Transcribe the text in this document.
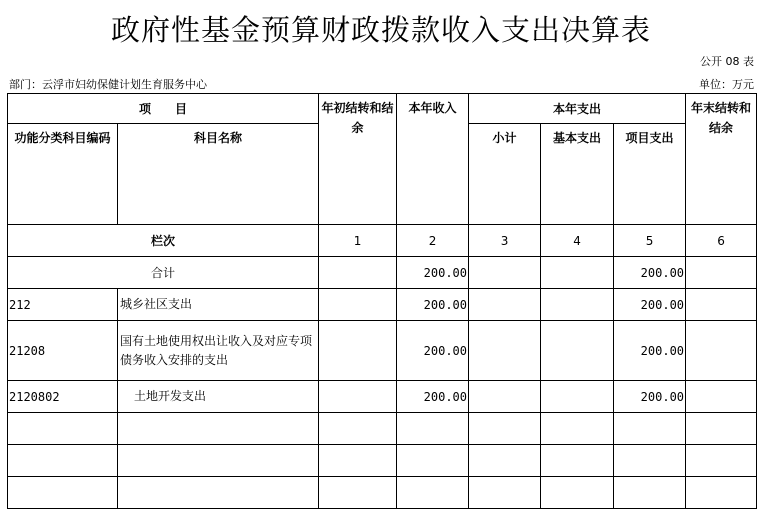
政府性基金预算财政拨款收入支出决算表
公开 08 表
部门：云浮市妇幼保健计划生育服务中心	单位：万元
项　　目		年初结转和结余	本年收入	本年支出			年末结转和结余
功能分类科目编码	科目名称			小计	基本支出	项目支出	
栏次		1	2	3	4	5	6
合计			200.00			200.00	
212	城乡社区支出		200.00			200.00	
21208	国有土地使用权出让收入及对应专项债务收入安排的支出		200.00			200.00	
2120802	土地开发支出		200.00			200.00	
